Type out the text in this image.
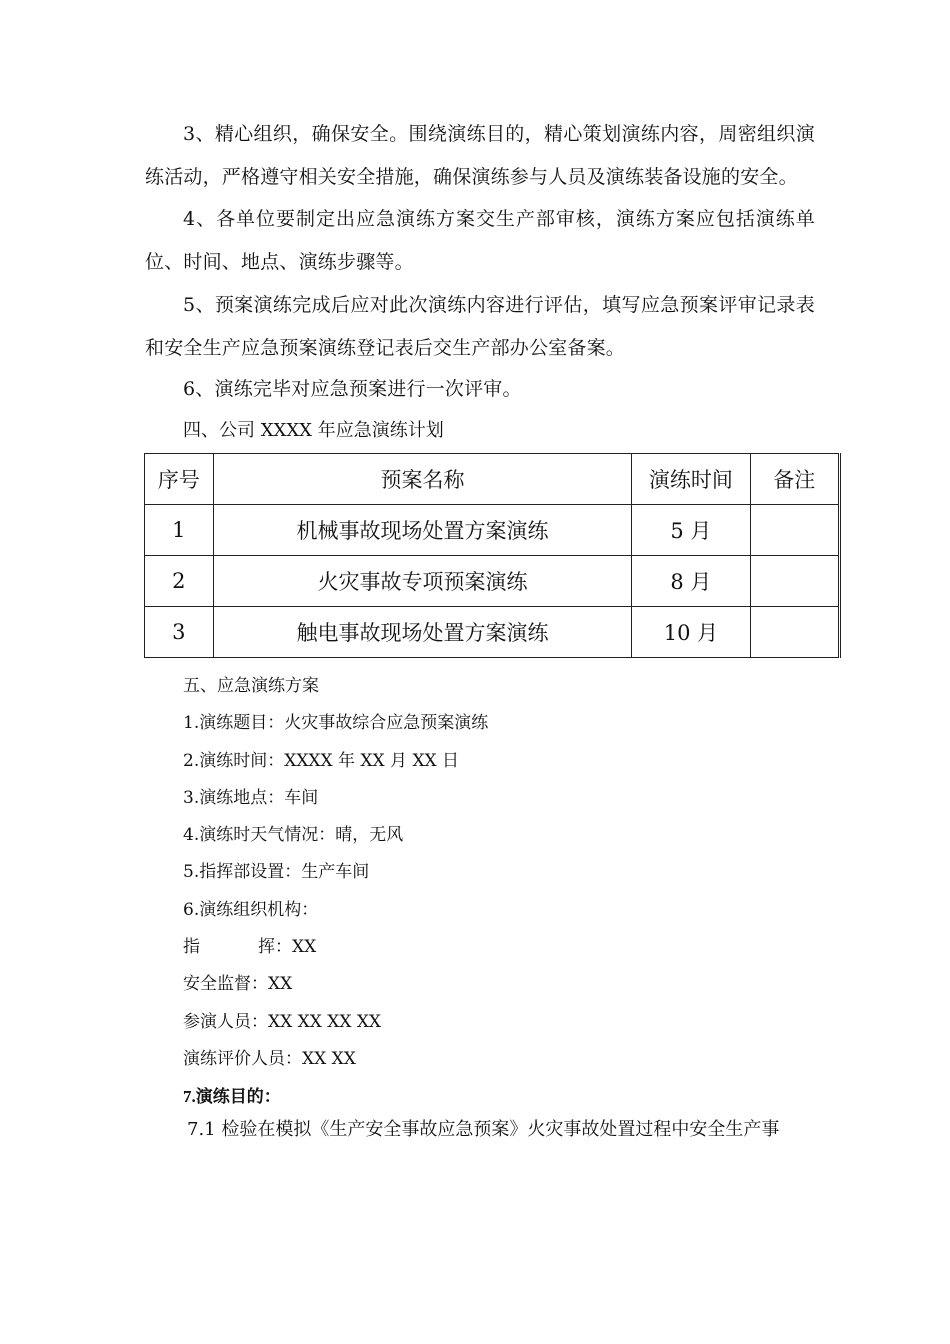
3、精心组织，确保安全。围绕演练目的，精心策划演练内容，周密组织演练活动，严格遵守相关安全措施，确保演练参与人员及演练装备设施的安全。

4、各单位要制定出应急演练方案交生产部审核，演练方案应包括演练单位、时间、地点、演练步骤等。

5、预案演练完成后应对此次演练内容进行评估，填写应急预案评审记录表和安全生产应急预案演练登记表后交生产部办公室备案。

6、演练完毕对应急预案进行一次评审。

四、公司 XXXX 年应急演练计划
序号	预案名称	演练时间	备注
1	机械事故现场处置方案演练	5 月	
2	火灾事故专项预案演练	8 月	
3	触电事故现场处置方案演练	10 月	
五、应急演练方案
1.演练题目：火灾事故综合应急预案演练
2.演练时间：XXXX 年 XX 月 XX 日
3.演练地点：车间
4.演练时天气情况：晴，无风
5.指挥部设置：生产车间
6.演练组织机构：
指	挥：XX
安全监督：XX
参演人员：XX XX XX XX
演练评价人员：XX XX
7.演练目的：
7.1 检验在模拟《生产安全事故应急预案》火灾事故处置过程中安全生产事
